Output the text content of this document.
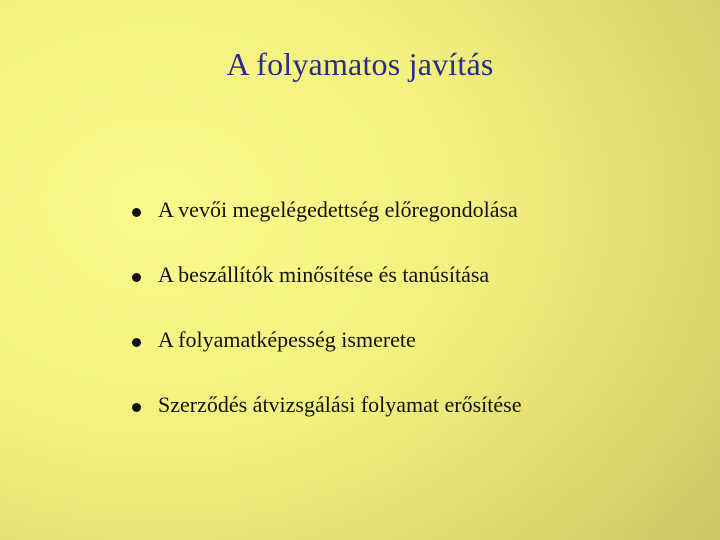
A folyamatos javítás
A vevői megelégedettség előregondolása
A beszállítók minősítése és tanúsítása
A folyamatképesség ismerete
Szerződés átvizsgálási folyamat erősítése
